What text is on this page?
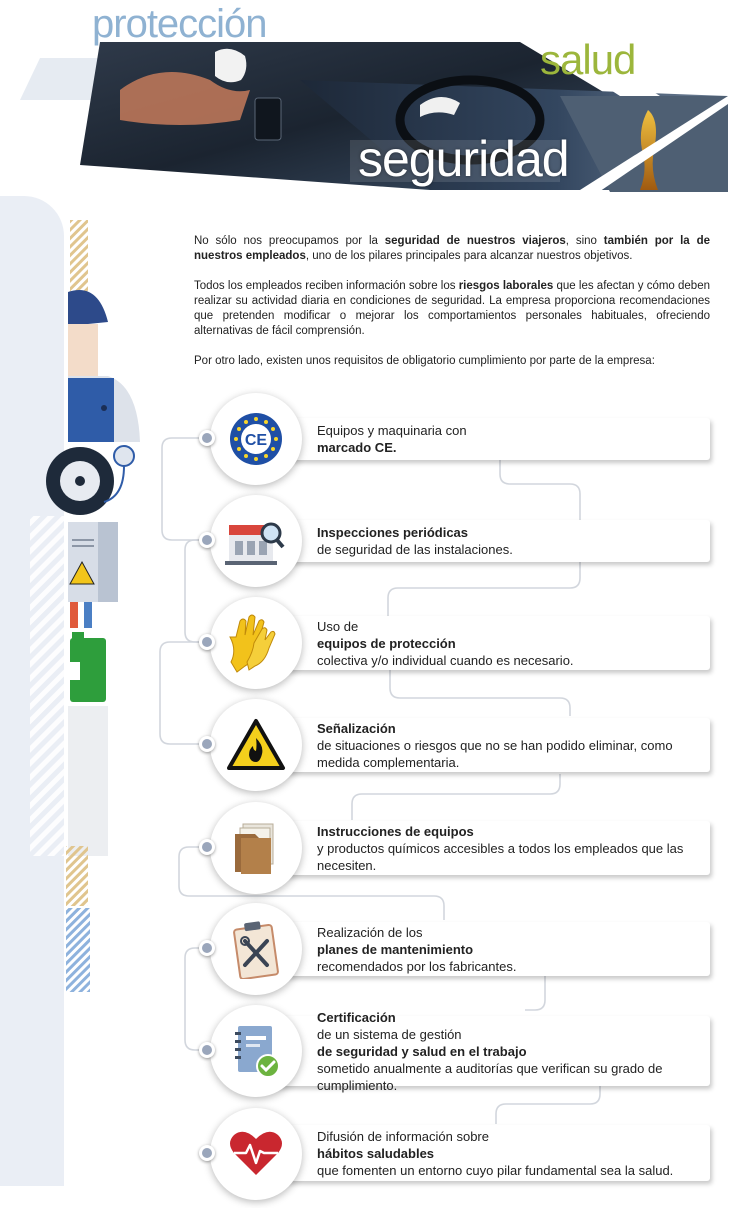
protección
salud
seguridad

No sólo nos preocupamos por la seguridad de nuestros viajeros, sino también por la de nuestros empleados, uno de los pilares principales para alcanzar nuestros objetivos.

Todos los empleados reciben información sobre los riesgos laborales que les afectan y cómo deben realizar su actividad diaria en condiciones de seguridad. La empresa proporciona recomendaciones que pretenden modificar o mejorar los comportamientos personales habituales, ofreciendo alternativas de fácil comprensión.

Por otro lado, existen unos requisitos de obligatorio cumplimiento por parte de la empresa:

Equipos y maquinaria con
marcado CE.
CE
Inspecciones periódicas
de seguridad de las instalaciones.
Uso de
equipos de protección
colectiva y/o individual cuando es necesario.
Señalización
de situaciones o riesgos que no se han podido eliminar, como medida complementaria.
Instrucciones de equipos
y productos químicos accesibles a todos los empleados que las necesiten.
Realización de los
planes de mantenimiento
recomendados por los fabricantes.
Certificación
de un sistema de gestión
de seguridad y salud en el trabajo
sometido anualmente a auditorías que verifican su grado de cumplimiento.
Difusión de información sobre
hábitos saludables
que fomenten un entorno cuyo pilar fundamental sea la salud.
